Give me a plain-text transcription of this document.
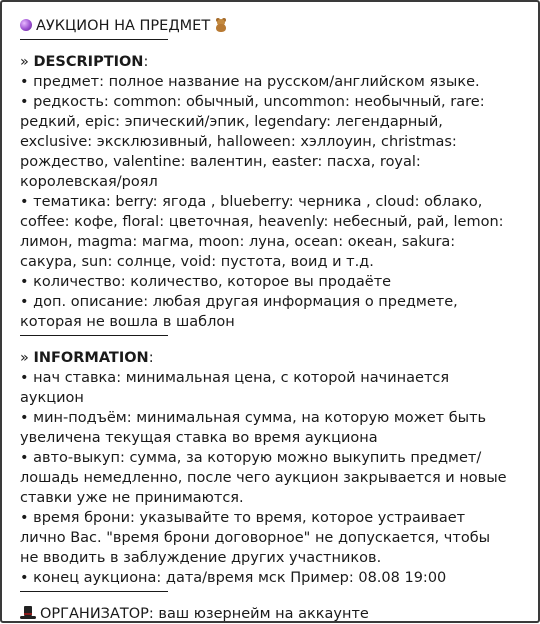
АУКЦИОН НА ПРЕДМЕТ
» DESCRIPTION:
• предмет: полное название на русском/английском языке.
• редкость: common: обычный, uncommon: необычный, rare:
редкий, epic: эпический/эпик, legendary: легендарный,
exclusive: эксклюзивный, halloween: хэллоуин, christmas:
рождество, valentine: валентин, easter: пасха, royal:
королевская/роял
• тематика: berry: ягода , blueberry: черника , cloud: облако,
coffee: кофе, floral: цветочная, heavenly: небесный, рай, lemon:
лимон, magma: магма, moon: луна, ocean: океан, sakura:
сакура, sun: солнце, void: пустота, воид и т.д.
• количество: количество, которое вы продаёте
• доп. описание: любая другая информация о предмете,
которая не вошла в шаблон
» INFORMATION:
• нач ставка: минимальная цена, с которой начинается
аукцион
• мин-подъём: минимальная сумма, на которую может быть
увеличена текущая ставка во время аукциона
• авто-выкуп: сумма, за которую можно выкупить предмет/
лошадь немедленно, после чего аукцион закрывается и новые
ставки уже не принимаются.
• время брони: указывайте то время, которое устраивает
лично Вас. "время брони договорное" не допускается, чтобы
не вводить в заблуждение других участников.
• конец аукциона: дата/время мск Пример: 08.08 19:00
ОРГАНИЗАТОР: ваш юзернейм на аккаунте
